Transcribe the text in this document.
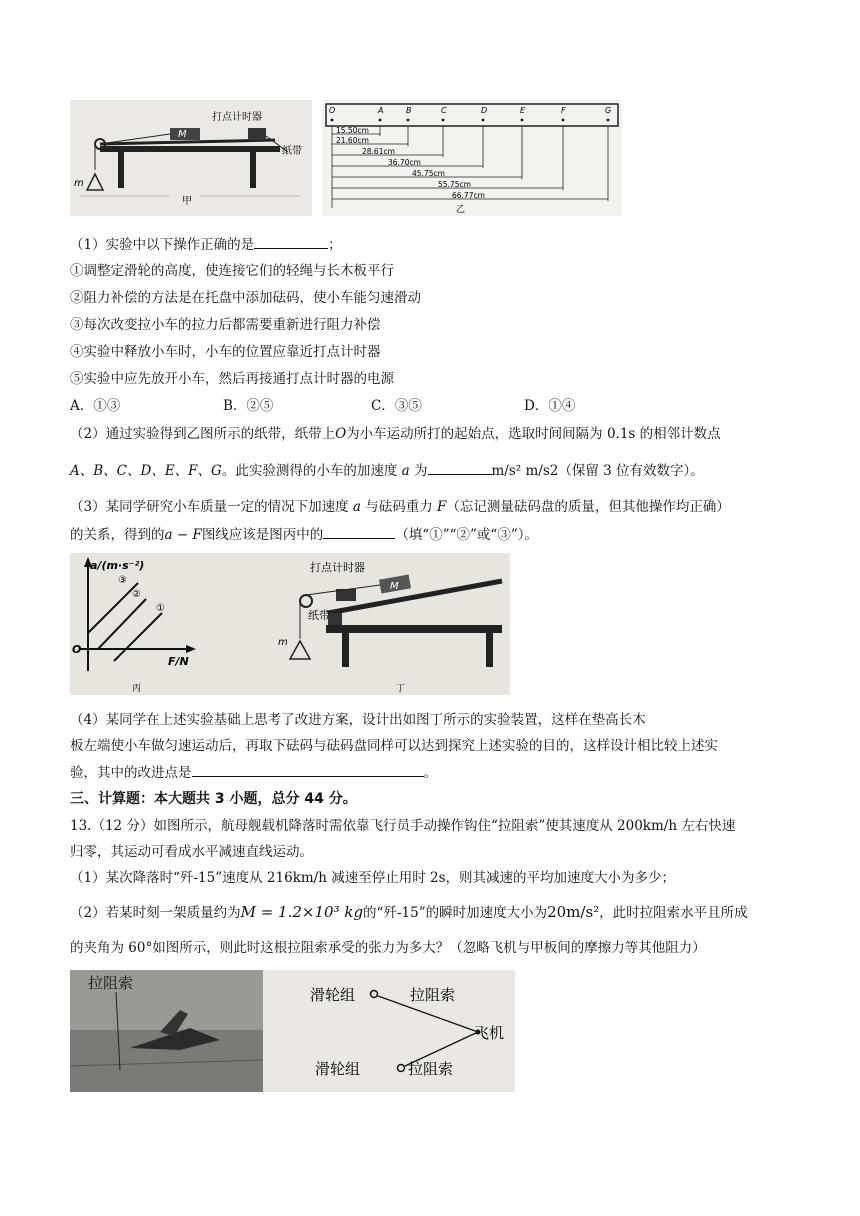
M
m
打点计时器
纸带
甲
O	A	B	C	D	E	F	G
15.50cm
21.60cm
28.61cm
36.70cm
45.75cm
55.75cm
66.77cm
乙
（1）实验中以下操作正确的是	；
①调整定滑轮的高度，使连接它们的轻绳与长木板平行
②阻力补偿的方法是在托盘中添加砝码，使小车能匀速滑动
③每次改变拉小车的拉力后都需要重新进行阻力补偿
④实验中释放小车时，小车的位置应靠近打点计时器
⑤实验中应先放开小车，然后再接通打点计时器的电源
A．①③	B．②⑤	C．③⑤	D．①④
（2）通过实验得到乙图所示的纸带，纸带上O为小车运动所打的起始点，选取时间间隔为 0.1s 的相邻计数点
A、B、C、D、E、F、G。此实验测得的小车的加速度 a 为	m/s² m/s2（保留 3 位有效数字）。
（3）某同学研究小车质量一定的情况下加速度 a 与砝码重力 F（忘记测量砝码盘的质量，但其他操作均正确）
的关系，得到的a − F图线应该是图丙中的	（填“①”“②”或“③”）。
a/(m·s⁻²)
F/N
O
③
②
①
丙
M
m
打点计时器
纸带
丁
（4）某同学在上述实验基础上思考了改进方案，设计出如图丁所示的实验装置，这样在垫高长木
板左端使小车做匀速运动后，再取下砝码与砝码盘同样可以达到探究上述实验的目的，这样设计相比较上述实
验，其中的改进点是	。
三、计算题：本大题共 3 小题，总分 44 分。
13.（12 分）如图所示，航母舰载机降落时需依靠飞行员手动操作钩住“拉阻索”使其速度从 200km/h 左右快速
归零，其运动可看成水平减速直线运动。
（1）某次降落时“歼-15”速度从 216km/h 减速至停止用时 2s，则其减速的平均加速度大小为多少；
（2）若某时刻一架质量约为M = 1.2×10³ kg的“歼-15”的瞬时加速度大小为20m/s²，此时拉阻索水平且所成
的夹角为 60°如图所示，则此时这根拉阻索承受的张力为多大？（忽略飞机与甲板间的摩擦力等其他阻力）
拉阻索
滑轮组
滑轮组
拉阻索
拉阻索
飞机
